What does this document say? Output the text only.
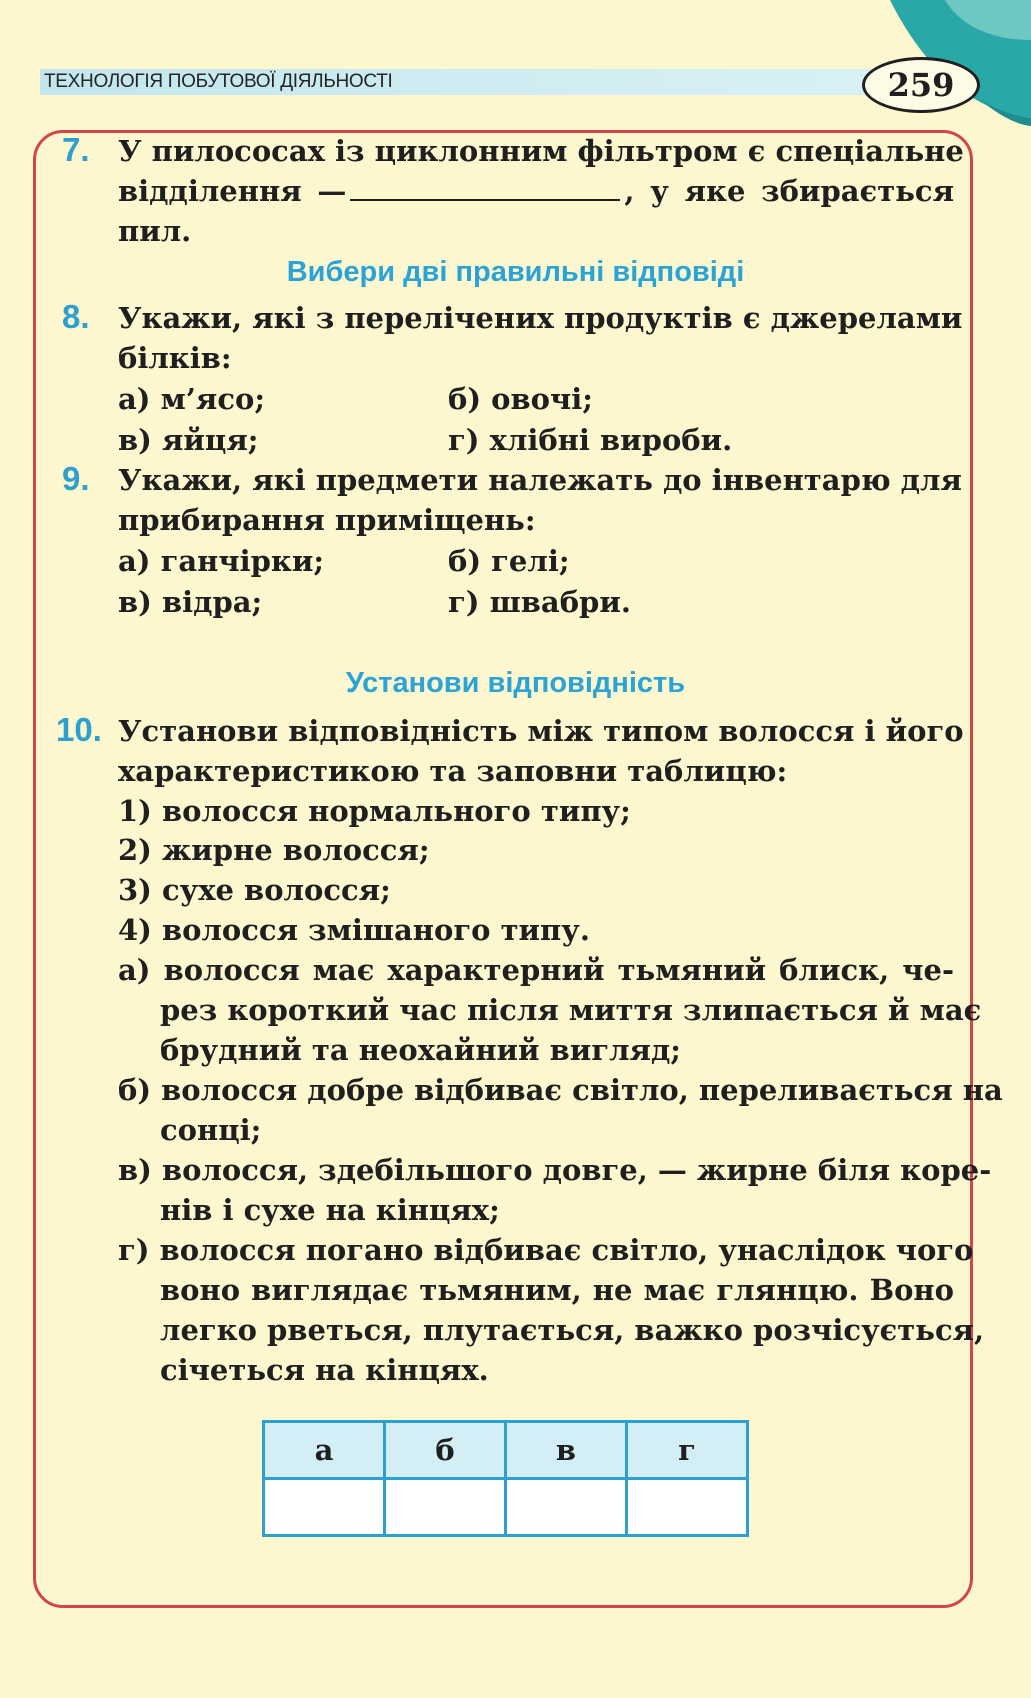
ТЕХНОЛОГІЯ ПОБУТОВОЇ ДІЯЛЬНОСТІ	259
7. У пилососах із циклонним фільтром є спеціальне
відділення —	, у яке збирається
пил.
Вибери дві правильні відповіді
8. Укажи, які з перелічених продуктів є джерелами
білків:
а) м’ясо;	б) овочі;
в) яйця;	г) хлібні вироби.
9. Укажи, які предмети належать до інвентарю для
прибирання приміщень:
а) ганчірки;	б) гелі;
в) відра;	г) швабри.
Установи відповідність
10. Установи відповідність між типом волосся і його
характеристикою та заповни таблицю:
1) волосся нормального типу;
2) жирне волосся;
3) сухе волосся;
4) волосся змішаного типу.
а) волосся має характерний тьмяний блиск, че-
рез короткий час після миття злипається й має
брудний та неохайний вигляд;
б) волосся добре відбиває світло, переливається на
сонці;
в) волосся, здебільшого довге, — жирне біля коре-
нів і сухе на кінцях;
г) волосся погано відбиває світло, унаслідок чого
воно виглядає тьмяним, не має глянцю. Воно
легко рветься, плутається, важко розчісується,
січеться на кінцях.
а	б	в	г
